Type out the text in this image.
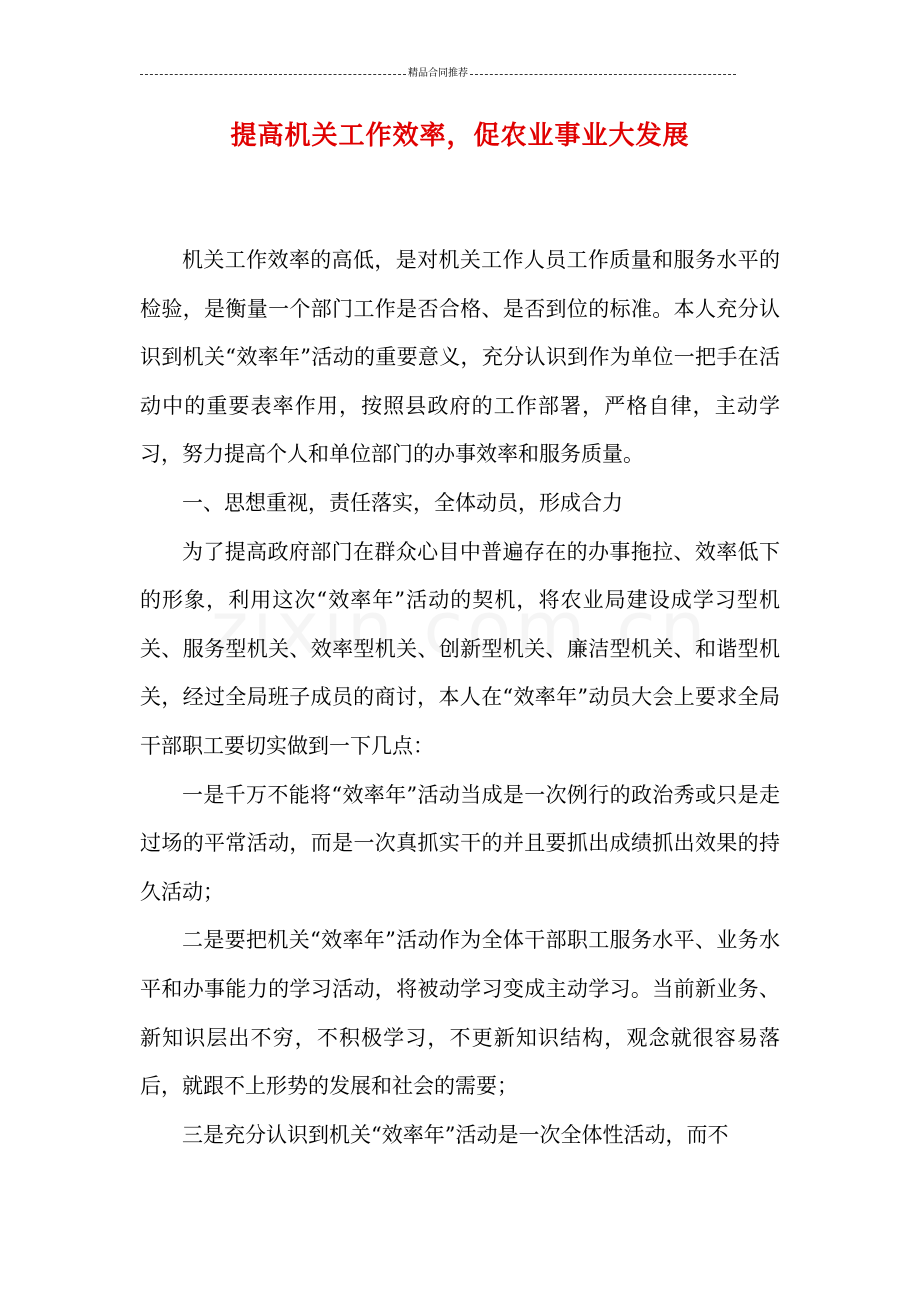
精品合同推荐
提高机关工作效率，促农业事业大发展

机关工作效率的高低，是对机关工作人员工作质量和服务水平的检验，是衡量一个部门工作是否合格、是否到位的标准。本人充分认识到机关“效率年”活动的重要意义，充分认识到作为单位一把手在活动中的重要表率作用，按照县政府的工作部署，严格自律，主动学习，努力提高个人和单位部门的办事效率和服务质量。

一、思想重视，责任落实，全体动员，形成合力

为了提高政府部门在群众心目中普遍存在的办事拖拉、效率低下的形象，利用这次“效率年”活动的契机，将农业局建设成学习型机关、服务型机关、效率型机关、创新型机关、廉洁型机关、和谐型机关，经过全局班子成员的商讨，本人在“效率年”动员大会上要求全局干部职工要切实做到一下几点：

一是千万不能将“效率年”活动当成是一次例行的政治秀或只是走过场的平常活动，而是一次真抓实干的并且要抓出成绩抓出效果的持久活动；

二是要把机关“效率年”活动作为全体干部职工服务水平、业务水平和办事能力的学习活动，将被动学习变成主动学习。当前新业务、新知识层出不穷，不积极学习，不更新知识结构，观念就很容易落后，就跟不上形势的发展和社会的需要；

三是充分认识到机关“效率年”活动是一次全体性活动，而不
